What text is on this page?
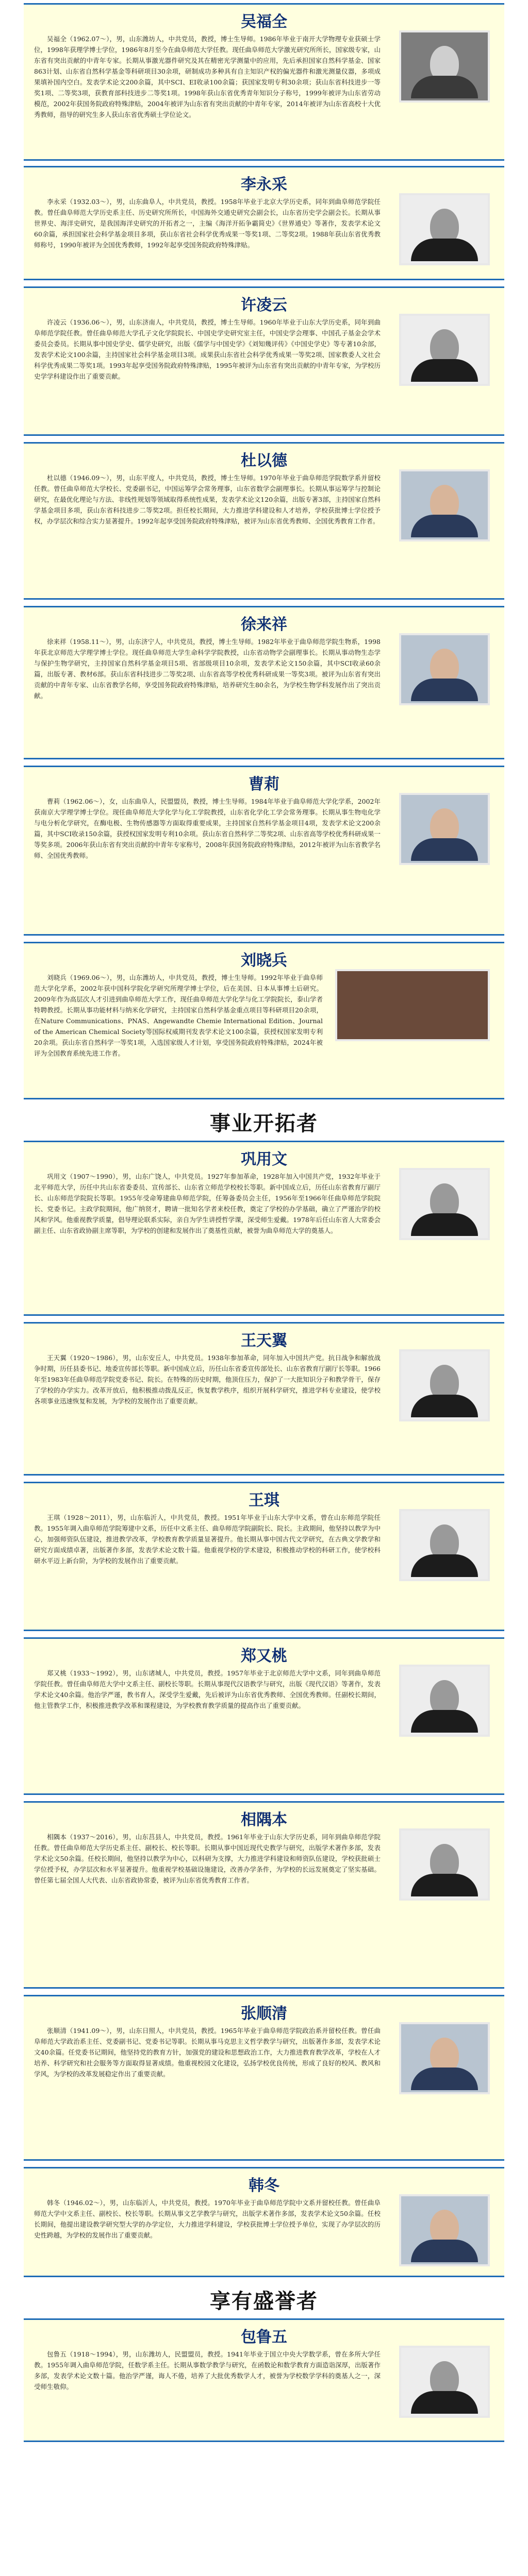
吴福全
吴福全（1962.07～），男，山东潍坊人，中共党员，教授，博士生导师。1986年毕业于南开大学物理专业获硕士学位，1998年获理学博士学位，1986年8月至今在曲阜师范大学任教。现任曲阜师范大学激光研究所所长，国家级专家，山东省有突出贡献的中青年专家。长期从事激光器件研究及其在精密光学测量中的应用，先后承担国家自然科学基金、国家863计划、山东省自然科学基金等科研项目30余项，研制成功多种具有自主知识产权的偏光器件和激光测量仪器，多项成果填补国内空白。发表学术论文200余篇，其中SCI、EI收录100余篇；获国家发明专利30余项；获山东省科技进步一等奖1项、二等奖3项，获教育部科技进步二等奖1项。1998年获山东省优秀青年知识分子称号，1999年被评为山东省劳动模范，2002年获国务院政府特殊津贴，2004年被评为山东省有突出贡献的中青年专家，2014年被评为山东省高校十大优秀教师，指导的研究生多人获山东省优秀硕士学位论文。
李永采
李永采（1932.03～），男，山东曲阜人，中共党员，教授。1958年毕业于北京大学历史系，同年到曲阜师范学院任教。曾任曲阜师范大学历史系主任、历史研究所所长，中国海外交通史研究会副会长，山东省历史学会副会长。长期从事世界史、海洋史研究，是我国海洋史研究的开拓者之一，主编《海洋开拓争霸简史》《世界通史》等著作，发表学术论文60余篇，承担国家社会科学基金项目多项，获山东省社会科学优秀成果一等奖1项、二等奖2项。1988年获山东省优秀教师称号，1990年被评为全国优秀教师，1992年起享受国务院政府特殊津贴。
许凌云
许凌云（1936.06～），男，山东济南人，中共党员，教授，博士生导师。1960年毕业于山东大学历史系，同年到曲阜师范学院任教。曾任曲阜师范大学孔子文化学院院长、中国史学史研究室主任，中国史学会理事、中国孔子基金会学术委员会委员。长期从事中国史学史、儒学史研究，出版《儒学与中国史学》《刘知幾评传》《中国史学史》等专著10余部，发表学术论文100余篇，主持国家社会科学基金项目3项。成果获山东省社会科学优秀成果一等奖2项、国家教委人文社会科学优秀成果二等奖1项。1993年起享受国务院政府特殊津贴，1995年被评为山东省有突出贡献的中青年专家，为学校历史学学科建设作出了重要贡献。
杜以德
杜以德（1946.09～），男，山东平度人，中共党员，教授，博士生导师。1970年毕业于曲阜师范学院数学系并留校任教。曾任曲阜师范大学校长、党委副书记，中国运筹学会常务理事，山东省数学会副理事长。长期从事运筹学与控制论研究，在最优化理论与方法、非线性规划等领域取得系统性成果，发表学术论文120余篇，出版专著3部，主持国家自然科学基金项目多项，获山东省科技进步二等奖2项。担任校长期间，大力推进学科建设和人才培养，学校获批博士学位授予权，办学层次和综合实力显著提升。1992年起享受国务院政府特殊津贴，被评为山东省优秀教师、全国优秀教育工作者。
徐来祥
徐来祥（1958.11～），男，山东济宁人，中共党员，教授，博士生导师。1982年毕业于曲阜师范学院生物系，1998年获北京师范大学理学博士学位。现任曲阜师范大学生命科学学院教授，山东省动物学会副理事长。长期从事动物生态学与保护生物学研究，主持国家自然科学基金项目5项、省部级项目10余项，发表学术论文150余篇，其中SCI收录60余篇，出版专著、教材6部。获山东省科技进步二等奖2项、山东省高等学校优秀科研成果一等奖3项。被评为山东省有突出贡献的中青年专家、山东省教学名师，享受国务院政府特殊津贴，培养研究生80余名，为学校生物学科发展作出了突出贡献。
曹莉
曹莉（1962.06～），女，山东曲阜人，民盟盟员，教授，博士生导师。1984年毕业于曲阜师范大学化学系，2002年获南京大学理学博士学位。现任曲阜师范大学化学与化工学院教授，山东省化学化工学会常务理事。长期从事生物电化学与电分析化学研究，在酶电极、生物传感器等方面取得重要成果，主持国家自然科学基金项目4项，发表学术论文200余篇，其中SCI收录150余篇，获授权国家发明专利10余项。获山东省自然科学二等奖2项、山东省高等学校优秀科研成果一等奖多项。2006年获山东省有突出贡献的中青年专家称号，2008年获国务院政府特殊津贴，2012年被评为山东省教学名师、全国优秀教师。
刘晓兵
刘晓兵（1969.06～），男，山东潍坊人，中共党员，教授，博士生导师。1992年毕业于曲阜师范大学化学系，2002年获中国科学院化学研究所理学博士学位，后在美国、日本从事博士后研究。2009年作为高层次人才引进到曲阜师范大学工作，现任曲阜师范大学化学与化工学院院长，泰山学者特聘教授。长期从事功能材料与纳米化学研究，主持国家自然科学基金重点项目等科研项目20余项，在Nature Communications、PNAS、Angewandte Chemie International Edition、Journal of the American Chemical Society等国际权威期刊发表学术论文100余篇，获授权国家发明专利20余项。获山东省自然科学一等奖1项，入选国家级人才计划，享受国务院政府特殊津贴，2024年被评为全国教育系统先进工作者。
事业开拓者
巩用文
巩用文（1907～1990），男，山东广饶人，中共党员。1927年参加革命，1928年加入中国共产党，1932年毕业于北平师范大学，历任中共山东省委委员、宣传部长、山东省立师范学校校长等职。新中国成立后，历任山东省教育厅副厅长、山东师范学院院长等职。1955年受命筹建曲阜师范学院，任筹备委员会主任，1956年至1966年任曲阜师范学院院长、党委书记。主政学院期间，他广纳贤才，聘请一批知名学者来校任教，奠定了学校的办学基础，确立了严谨治学的校风和学风。他重视教学质量，倡导理论联系实际，亲自为学生讲授哲学课，深受师生爱戴。1978年后任山东省人大常委会副主任、山东省政协副主席等职，为学校的创建和发展作出了奠基性贡献，被誉为曲阜师范大学的奠基人。
王天翼
王天翼（1920～1986），男，山东安丘人，中共党员。1938年参加革命，同年加入中国共产党。抗日战争和解放战争时期，历任县委书记、地委宣传部长等职。新中国成立后，历任山东省委宣传部处长、山东省教育厅副厅长等职。1966年至1983年任曲阜师范学院党委书记、院长。在特殊的历史时期，他顶住压力，保护了一大批知识分子和教学骨干，保存了学校的办学实力。改革开放后，他积极推动拨乱反正，恢复教学秩序，组织开展科学研究，推进学科专业建设，使学校各项事业迅速恢复和发展，为学校的发展作出了重要贡献。
王琪
王琪（1928～2011），男，山东临沂人，中共党员，教授。1951年毕业于山东大学中文系，曾在山东师范学院任教。1955年调入曲阜师范学院筹建中文系，历任中文系主任、曲阜师范学院副院长、院长。主政期间，他坚持以教学为中心，加强师资队伍建设，推进教学改革，学校教育教学质量显著提升。他长期从事中国古代文学研究，在古典文学教学和研究方面成绩卓著，出版著作多部，发表学术论文数十篇。他重视学校的学术建设，积极推动学校的科研工作，使学校科研水平迈上新台阶，为学校的发展作出了重要贡献。
郑又桃
郑又桃（1933～1992），男，山东诸城人，中共党员，教授。1957年毕业于北京师范大学中文系，同年到曲阜师范学院任教。曾任曲阜师范大学中文系主任、副校长等职。长期从事现代汉语教学与研究，出版《现代汉语》等著作，发表学术论文40余篇。他治学严谨，教书育人，深受学生爱戴，先后被评为山东省优秀教师、全国优秀教师。任副校长期间，他主管教学工作，积极推进教学改革和课程建设，为学校教育教学质量的提高作出了重要贡献。
相隅本
相隅本（1937～2016），男，山东莒县人，中共党员，教授。1961年毕业于山东大学历史系，同年到曲阜师范学院任教。曾任曲阜师范大学历史系主任、副校长、校长等职。长期从事中国近现代史教学与研究，出版学术著作多部，发表学术论文50余篇。任校长期间，他坚持以教学为中心，以科研为支撑，大力推进学科建设和师资队伍建设，学校获批硕士学位授予权，办学层次和水平显著提升。他重视学校基础设施建设，改善办学条件，为学校的长远发展奠定了坚实基础。曾任第七届全国人大代表、山东省政协常委，被评为山东省优秀教育工作者。
张顺清
张顺清（1941.09～），男，山东日照人，中共党员，教授。1965年毕业于曲阜师范学院政治系并留校任教。曾任曲阜师范大学政治系主任、党委副书记、党委书记等职。长期从事马克思主义哲学教学与研究，出版著作多部，发表学术论文40余篇。任党委书记期间，他坚持党的教育方针，加强党的建设和思想政治工作，大力推进教育教学改革，学校在人才培养、科学研究和社会服务等方面取得显著成绩。他重视校园文化建设，弘扬学校优良传统，形成了良好的校风、教风和学风，为学校的改革发展稳定作出了重要贡献。
韩冬
韩冬（1946.02～），男，山东临沂人，中共党员，教授。1970年毕业于曲阜师范学院中文系并留校任教。曾任曲阜师范大学中文系主任、副校长、校长等职。长期从事文艺学教学与研究，出版学术著作多部，发表学术论文50余篇。任校长期间，他提出建设教学研究型大学的办学定位，大力推进学科建设，学校获批博士学位授予单位，实现了办学层次的历史性跨越，为学校的发展作出了重要贡献。
享有盛誉者
包鲁五
包鲁五（1918～1994），男，山东潍坊人，民盟盟员，教授。1941年毕业于国立中央大学数学系，曾在多所大学任教。1955年调入曲阜师范学院，任数学系主任。长期从事数学教学与研究，在函数论和数学教育方面造诣深厚，出版著作多部，发表学术论文数十篇。他治学严谨，诲人不倦，培养了大批优秀数学人才，被誉为学校数学学科的奠基人之一，深受师生敬仰。
